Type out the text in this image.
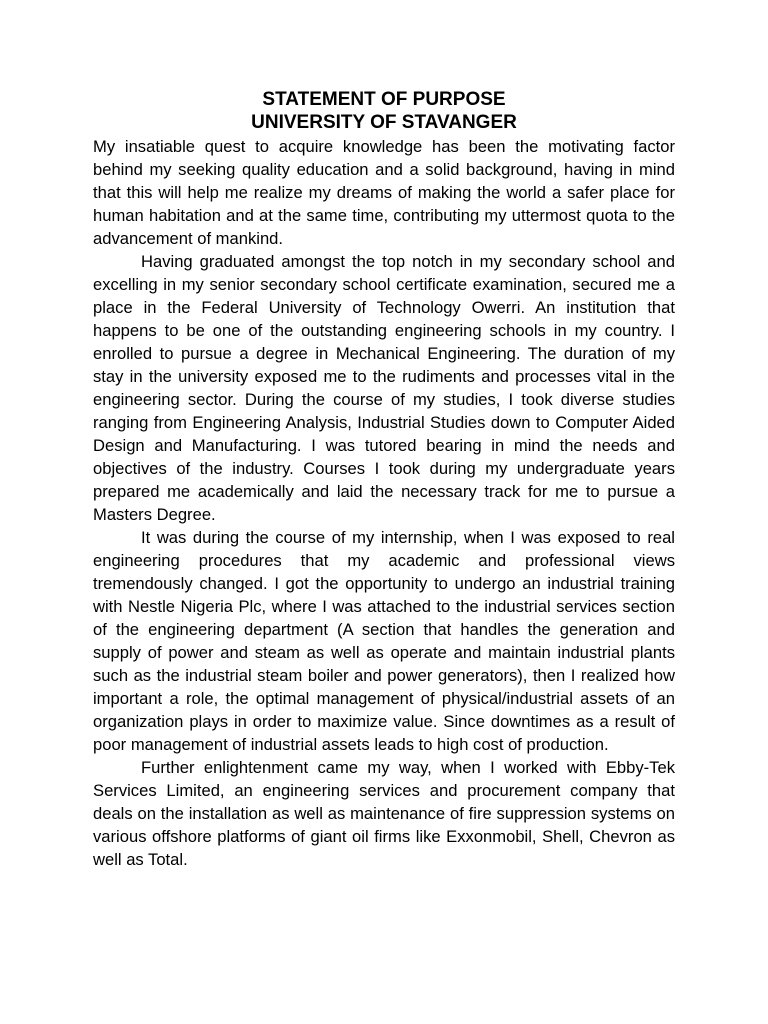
STATEMENT OF PURPOSE
UNIVERSITY OF STAVANGER

My insatiable quest to acquire knowledge has been the motivating factor behind my seeking quality education and a solid background, having in mind that this will help me realize my dreams of making the world a safer place for human habitation and at the same time, contributing my uttermost quota to the advancement of mankind.

Having graduated amongst the top notch in my secondary school and excelling in my senior secondary school certificate examination, secured me a place in the Federal University of Technology Owerri. An institution that happens to be one of the outstanding engineering schools in my country. I enrolled to pursue a degree in Mechanical Engineering. The duration of my stay in the university exposed me to the rudiments and processes vital in the engineering sector. During the course of my studies, I took diverse studies ranging from Engineering Analysis, Industrial Studies down to Computer Aided Design and Manufacturing. I was tutored bearing in mind the needs and objectives of the industry. Courses I took during my undergraduate years prepared me academically and laid the necessary track for me to pursue a Masters Degree.

It was during the course of my internship, when I was exposed to real engineering procedures that my academic and professional views tremendously changed. I got the opportunity to undergo an industrial training with Nestle Nigeria Plc, where I was attached to the industrial services section of the engineering department (A section that handles the generation and supply of power and steam as well as operate and maintain industrial plants such as the industrial steam boiler and power generators), then I realized how important a role, the optimal management of physical/industrial assets of an organization plays in order to maximize value. Since downtimes as a result of poor management of industrial assets leads to high cost of production.

Further enlightenment came my way, when I worked with Ebby-Tek Services Limited, an engineering services and procurement company that deals on the installation as well as maintenance of fire suppression systems on various offshore platforms of giant oil firms like Exxonmobil, Shell, Chevron as well as Total.
